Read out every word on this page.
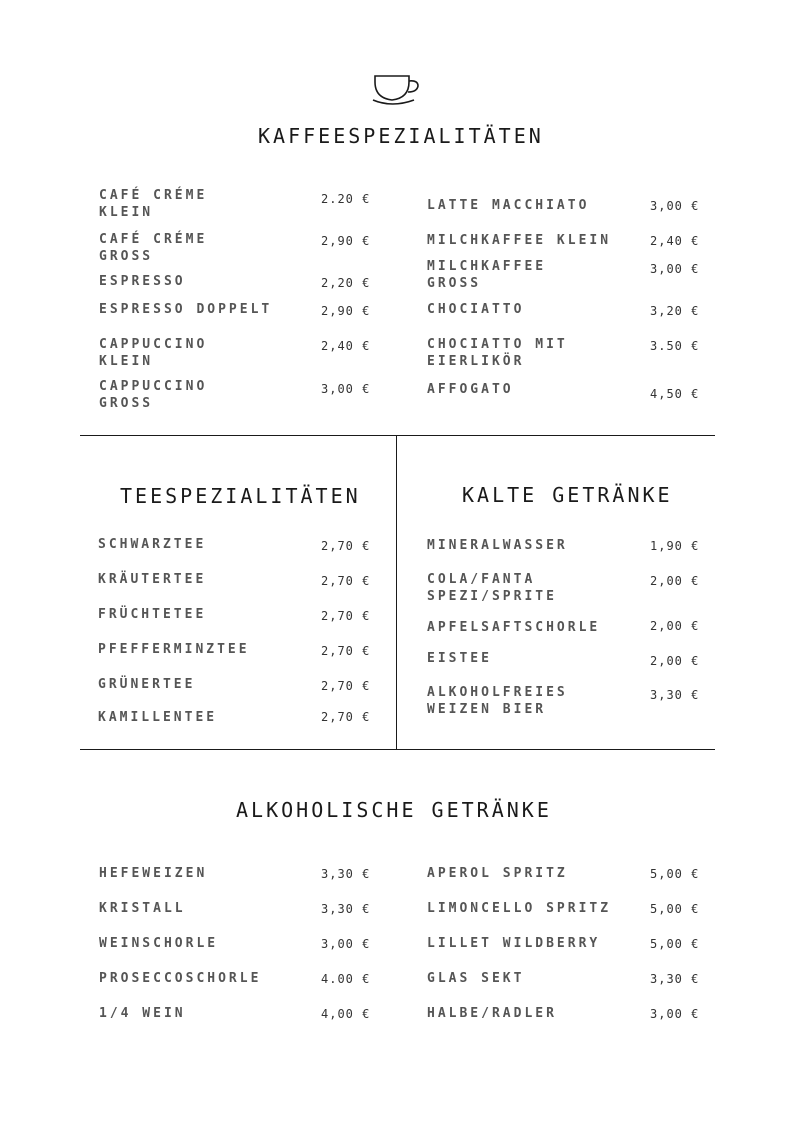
KAFFEESPEZIALITÄTEN
CAFÉ CRÉME KLEIN
2.20 €
CAFÉ CRÉME GROSS
2,90 €
ESPRESSO	2,20 €
ESPRESSO DOPPELT	2,90 €
CAPPUCCINO KLEIN
2,40 €
CAPPUCCINO GROSS
3,00 €
LATTE MACCHIATO	3,00 €
MILCHKAFFEE KLEIN	2,40 €
MILCHKAFFEE GROSS
3,00 €
CHOCIATTO	3,20 €
CHOCIATTO MIT EIERLIKÖR
3.50 €
AFFOGATO	4,50 €
TEESPEZIALITÄTEN
SCHWARZTEE	2,70 €
KRÄUTERTEE	2,70 €
FRÜCHTETEE	2,70 €
PFEFFERMINZTEE	2,70 €
GRÜNERTEE	2,70 €
KAMILLENTEE	2,70 €
KALTE GETRÄNKE
MINERALWASSER	1,90 €
COLA/FANTA SPEZI/SPRITE
2,00 €
APFELSAFTSCHORLE	2,00 €
EISTEE	2,00 €
ALKOHOLFREIES WEIZEN BIER
3,30 €
ALKOHOLISCHE GETRÄNKE
HEFEWEIZEN	3,30 €
KRISTALL	3,30 €
WEINSCHORLE	3,00 €
PROSECCOSCHORLE	4.00 €
1/4 WEIN	4,00 €
APEROL SPRITZ	5,00 €
LIMONCELLO SPRITZ	5,00 €
LILLET WILDBERRY	5,00 €
GLAS SEKT	3,30 €
HALBE/RADLER	3,00 €
